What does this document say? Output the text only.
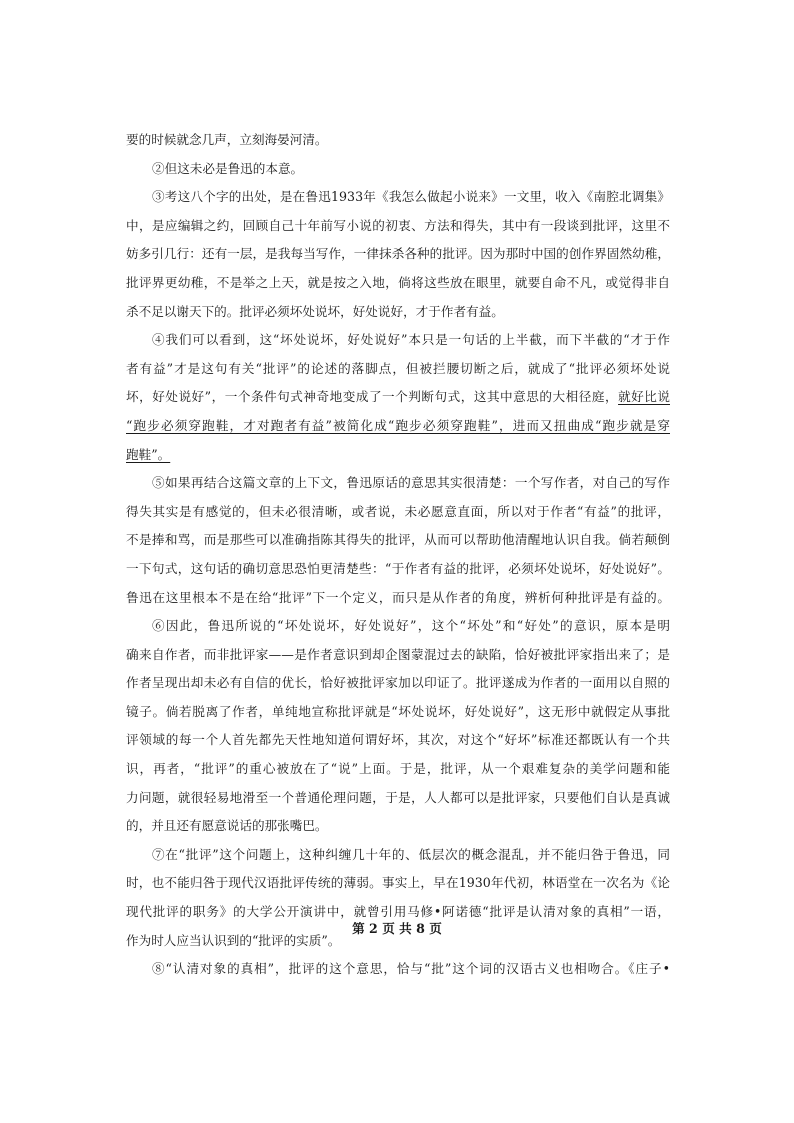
要的时候就念几声，立刻海晏河清。
②但这未必是鲁迅的本意。
③考这八个字的出处，是在鲁迅1933年《我怎么做起小说来》一文里，收入《南腔北调集》
中，是应编辑之约，回顾自己十年前写小说的初衷、方法和得失，其中有一段谈到批评，这里不
妨多引几行：还有一层，是我每当写作，一律抹杀各种的批评。因为那时中国的创作界固然幼稚，
批评界更幼稚，不是举之上天，就是按之入地，倘将这些放在眼里，就要自命不凡，或觉得非自
杀不足以谢天下的。批评必须坏处说坏，好处说好，才于作者有益。
④我们可以看到，这“坏处说坏，好处说好”本只是一句话的上半截，而下半截的“才于作
者有益”才是这句有关“批评”的论述的落脚点，但被拦腰切断之后，就成了“批评必须坏处说
坏，好处说好”，一个条件句式神奇地变成了一个判断句式，这其中意思的大相径庭，就好比说
“跑步必须穿跑鞋，才对跑者有益”被简化成“跑步必须穿跑鞋”，进而又扭曲成“跑步就是穿
跑鞋”。
⑤如果再结合这篇文章的上下文，鲁迅原话的意思其实很清楚：一个写作者，对自己的写作
得失其实是有感觉的，但未必很清晰，或者说，未必愿意直面，所以对于作者“有益”的批评，
不是捧和骂，而是那些可以准确指陈其得失的批评，从而可以帮助他清醒地认识自我。倘若颠倒
一下句式，这句话的确切意思恐怕更清楚些：“于作者有益的批评，必须坏处说坏，好处说好”。
鲁迅在这里根本不是在给“批评”下一个定义，而只是从作者的角度，辨析何种批评是有益的。
⑥因此，鲁迅所说的“坏处说坏，好处说好”，这个“坏处”和“好处”的意识，原本是明
确来自作者，而非批评家——是作者意识到却企图蒙混过去的缺陷，恰好被批评家指出来了；是
作者呈现出却未必有自信的优长，恰好被批评家加以印证了。批评遂成为作者的一面用以自照的
镜子。倘若脱离了作者，单纯地宣称批评就是“坏处说坏，好处说好”，这无形中就假定从事批
评领域的每一个人首先都先天性地知道何谓好坏，其次，对这个“好坏”标准还都既认有一个共
识，再者，“批评”的重心被放在了“说”上面。于是，批评，从一个艰难复杂的美学问题和能
力问题，就很轻易地滑至一个普通伦理问题，于是，人人都可以是批评家，只要他们自认是真诚
的，并且还有愿意说话的那张嘴巴。
⑦在“批评”这个问题上，这种纠缠几十年的、低层次的概念混乱，并不能归咎于鲁迅，同
时，也不能归咎于现代汉语批评传统的薄弱。事实上，早在1930年代初，林语堂在一次名为《论
现代批评的职务》的大学公开演讲中，就曾引用马修•阿诺德“批评是认清对象的真相”一语，
作为时人应当认识到的“批评的实质”。
⑧“认清对象的真相”，批评的这个意思，恰与“批”这个词的汉语古义也相吻合。《庄子•
第 2 页 共 8 页
